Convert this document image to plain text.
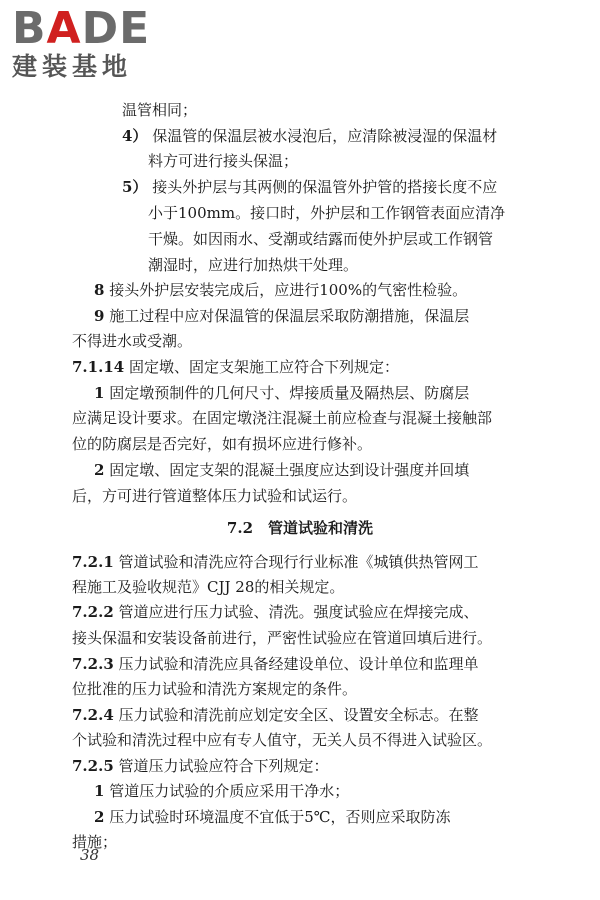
BADE
建装基地
温管相同；
4） 保温管的保温层被水浸泡后，应清除被浸湿的保温材
料方可进行接头保温；
5） 接头外护层与其两侧的保温管外护管的搭接长度不应
小于100mm。接口时，外护层和工作钢管表面应清净
干燥。如因雨水、受潮或结露而使外护层或工作钢管
潮湿时，应进行加热烘干处理。
8 接头外护层安装完成后，应进行100%的气密性检验。
9 施工过程中应对保温管的保温层采取防潮措施，保温层
不得进水或受潮。
7.1.14 固定墩、固定支架施工应符合下列规定：
1 固定墩预制件的几何尺寸、焊接质量及隔热层、防腐层
应满足设计要求。在固定墩浇注混凝土前应检查与混凝土接触部
位的防腐层是否完好，如有损坏应进行修补。
2 固定墩、固定支架的混凝土强度应达到设计强度并回填
后，方可进行管道整体压力试验和试运行。
7.2　 管道试验和清洗
7.2.1 管道试验和清洗应符合现行行业标准《城镇供热管网工
程施工及验收规范》CJJ 28的相关规定。
7.2.2 管道应进行压力试验、清洗。强度试验应在焊接完成、
接头保温和安装设备前进行，严密性试验应在管道回填后进行。
7.2.3 压力试验和清洗应具备经建设单位、设计单位和监理单
位批准的压力试验和清洗方案规定的条件。
7.2.4 压力试验和清洗前应划定安全区、设置安全标志。在整
个试验和清洗过程中应有专人值守，无关人员不得进入试验区。
7.2.5 管道压力试验应符合下列规定：
1 管道压力试验的介质应采用干净水；
2 压力试验时环境温度不宜低于5℃，否则应采取防冻
措施；
38
